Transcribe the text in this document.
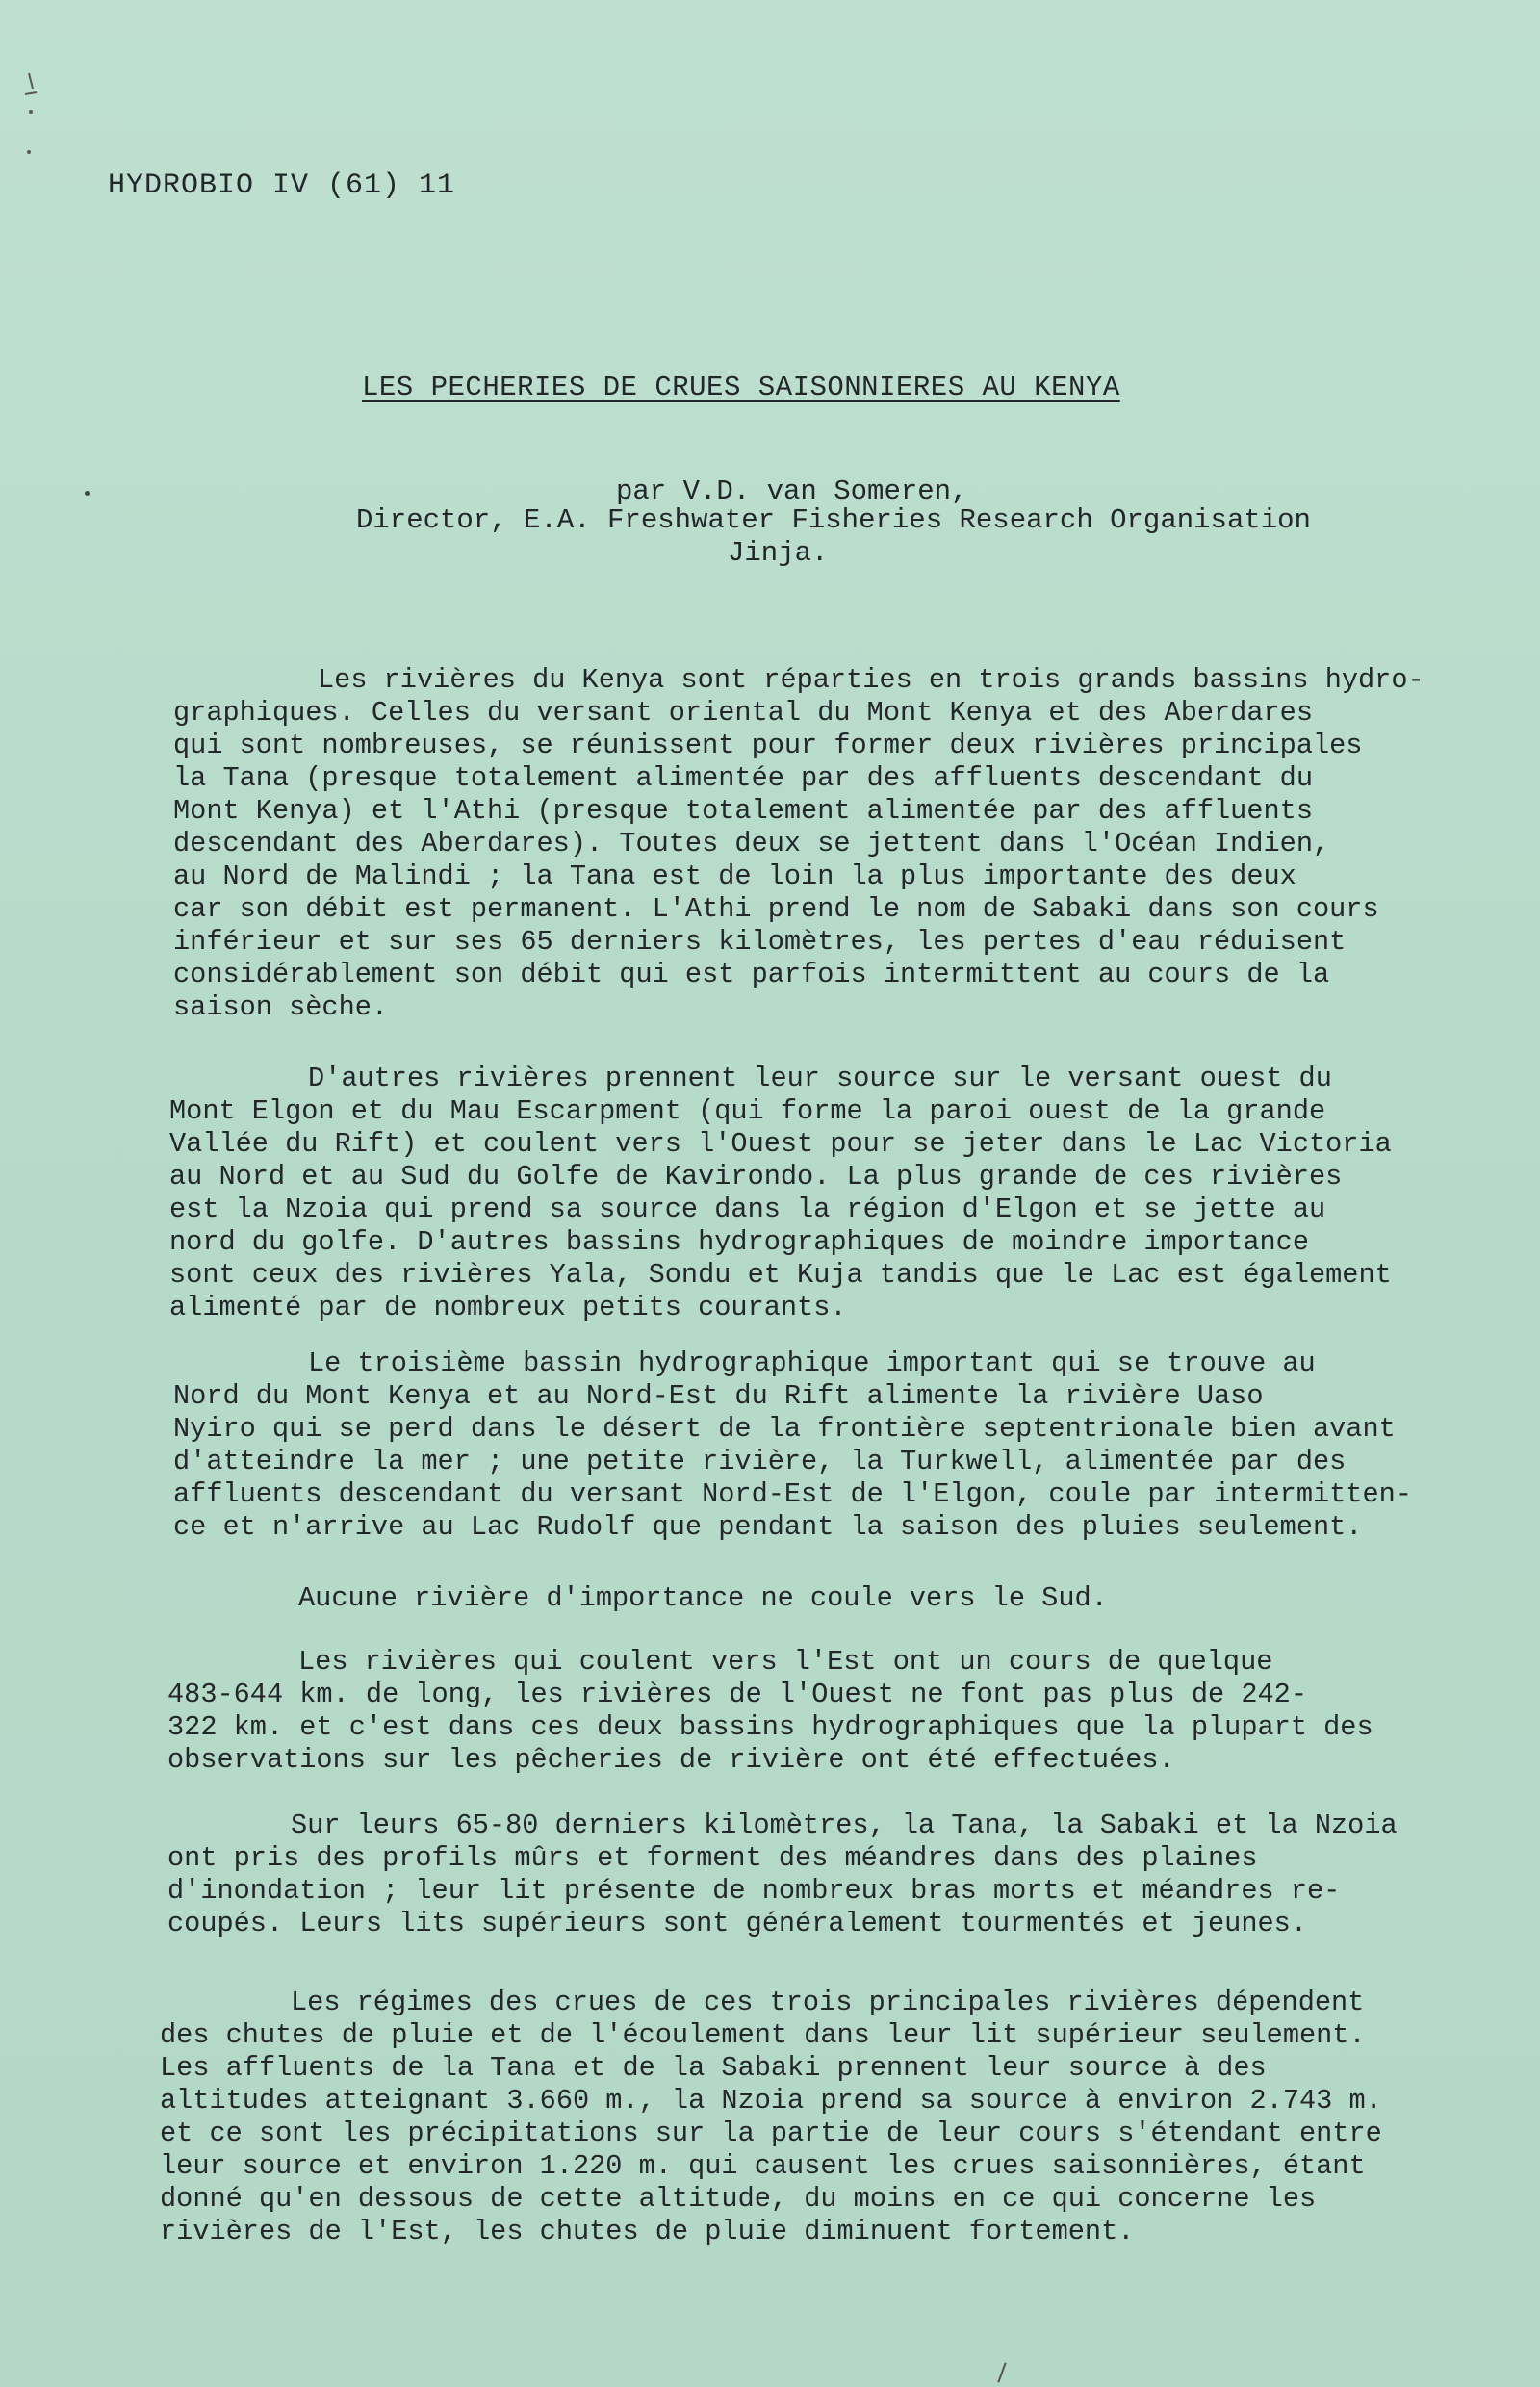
HYDROBIO IV (61) 11
LES PECHERIES DE CRUES SAISONNIERES AU KENYA
par V.D. van Someren,
Director, E.A. Freshwater Fisheries Research Organisation
Jinja.
Les rivières du Kenya sont réparties en trois grands bassins hydro-
graphiques. Celles du versant oriental du Mont Kenya et des Aberdares
qui sont nombreuses, se réunissent pour former deux rivières principales
la Tana (presque totalement alimentée par des affluents descendant du
Mont Kenya) et l'Athi (presque totalement alimentée par des affluents
descendant des Aberdares). Toutes deux se jettent dans l'Océan Indien,
au Nord de Malindi ; la Tana est de loin la plus importante des deux
car son débit est permanent. L'Athi prend le nom de Sabaki dans son cours
inférieur et sur ses 65 derniers kilomètres, les pertes d'eau réduisent
considérablement son débit qui est parfois intermittent au cours de la
saison sèche.
D'autres rivières prennent leur source sur le versant ouest du
Mont Elgon et du Mau Escarpment (qui forme la paroi ouest de la grande
Vallée du Rift) et coulent vers l'Ouest pour se jeter dans le Lac Victoria
au Nord et au Sud du Golfe de Kavirondo. La plus grande de ces rivières
est la Nzoia qui prend sa source dans la région d'Elgon et se jette au
nord du golfe. D'autres bassins hydrographiques de moindre importance
sont ceux des rivières Yala, Sondu et Kuja tandis que le Lac est également
alimenté par de nombreux petits courants.
Le troisième bassin hydrographique important qui se trouve au
Nord du Mont Kenya et au Nord-Est du Rift alimente la rivière Uaso
Nyiro qui se perd dans le désert de la frontière septentrionale bien avant
d'atteindre la mer ; une petite rivière, la Turkwell, alimentée par des
affluents descendant du versant Nord-Est de l'Elgon, coule par intermitten-
ce et n'arrive au Lac Rudolf que pendant la saison des pluies seulement.
Aucune rivière d'importance ne coule vers le Sud.
Les rivières qui coulent vers l'Est ont un cours de quelque
483-644 km. de long, les rivières de l'Ouest ne font pas plus de 242-
322 km. et c'est dans ces deux bassins hydrographiques que la plupart des
observations sur les pêcheries de rivière ont été effectuées.
Sur leurs 65-80 derniers kilomètres, la Tana, la Sabaki et la Nzoia
ont pris des profils mûrs et forment des méandres dans des plaines
d'inondation ; leur lit présente de nombreux bras morts et méandres re-
coupés. Leurs lits supérieurs sont généralement tourmentés et jeunes.
Les régimes des crues de ces trois principales rivières dépendent
des chutes de pluie et de l'écoulement dans leur lit supérieur seulement.
Les affluents de la Tana et de la Sabaki prennent leur source à des
altitudes atteignant 3.660 m., la Nzoia prend sa source à environ 2.743 m.
et ce sont les précipitations sur la partie de leur cours s'étendant entre
leur source et environ 1.220 m. qui causent les crues saisonnières, étant
donné qu'en dessous de cette altitude, du moins en ce qui concerne les
rivières de l'Est, les chutes de pluie diminuent fortement.
